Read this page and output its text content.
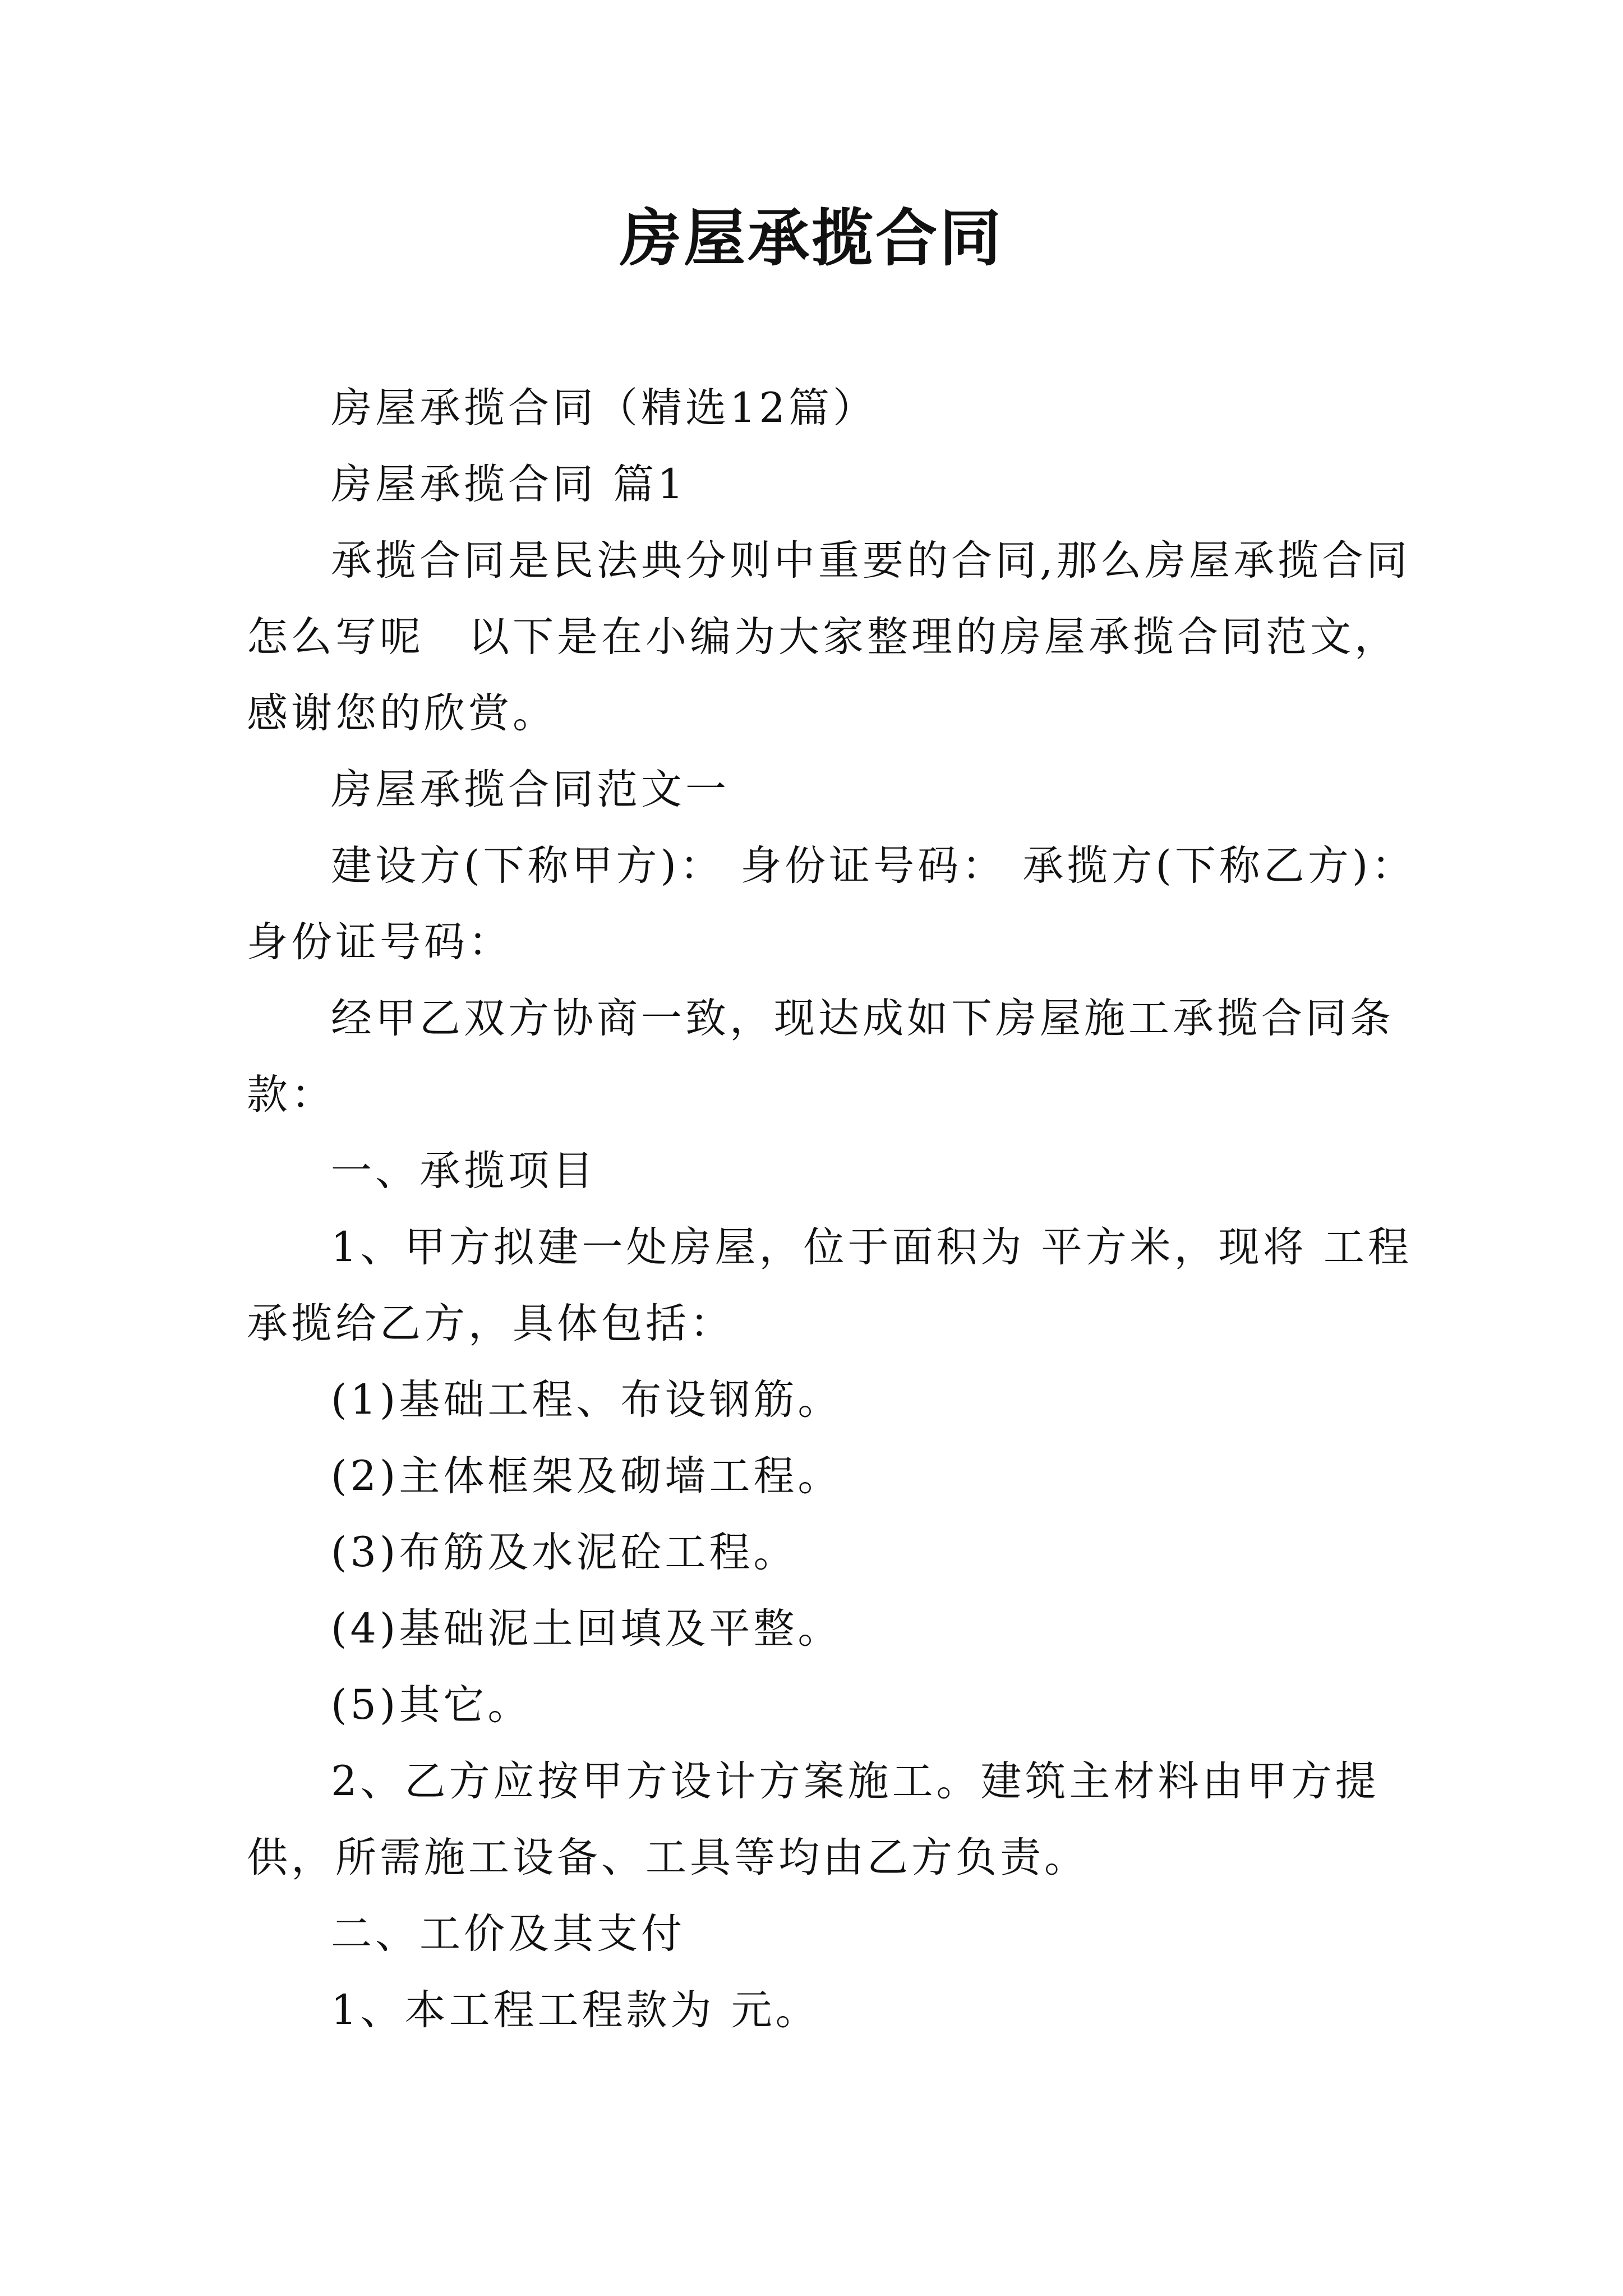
房屋承揽合同

房屋承揽合同（精选12篇）

房屋承揽合同 篇1

承揽合同是民法典分则中重要的合同,那么房屋承揽合同怎么写呢　以下是在小编为大家整理的房屋承揽合同范文，感谢您的欣赏。

房屋承揽合同范文一

建设方(下称甲方)： 身份证号码： 承揽方(下称乙方)：身份证号码：

经甲乙双方协商一致，现达成如下房屋施工承揽合同条款：

一、承揽项目

1、甲方拟建一处房屋，位于面积为 平方米，现将 工程承揽给乙方，具体包括：

(1)基础工程、布设钢筋。

(2)主体框架及砌墙工程。

(3)布筋及水泥砼工程。

(4)基础泥土回填及平整。

(5)其它。

2、乙方应按甲方设计方案施工。建筑主材料由甲方提供，所需施工设备、工具等均由乙方负责。

二、工价及其支付

1、本工程工程款为 元。
